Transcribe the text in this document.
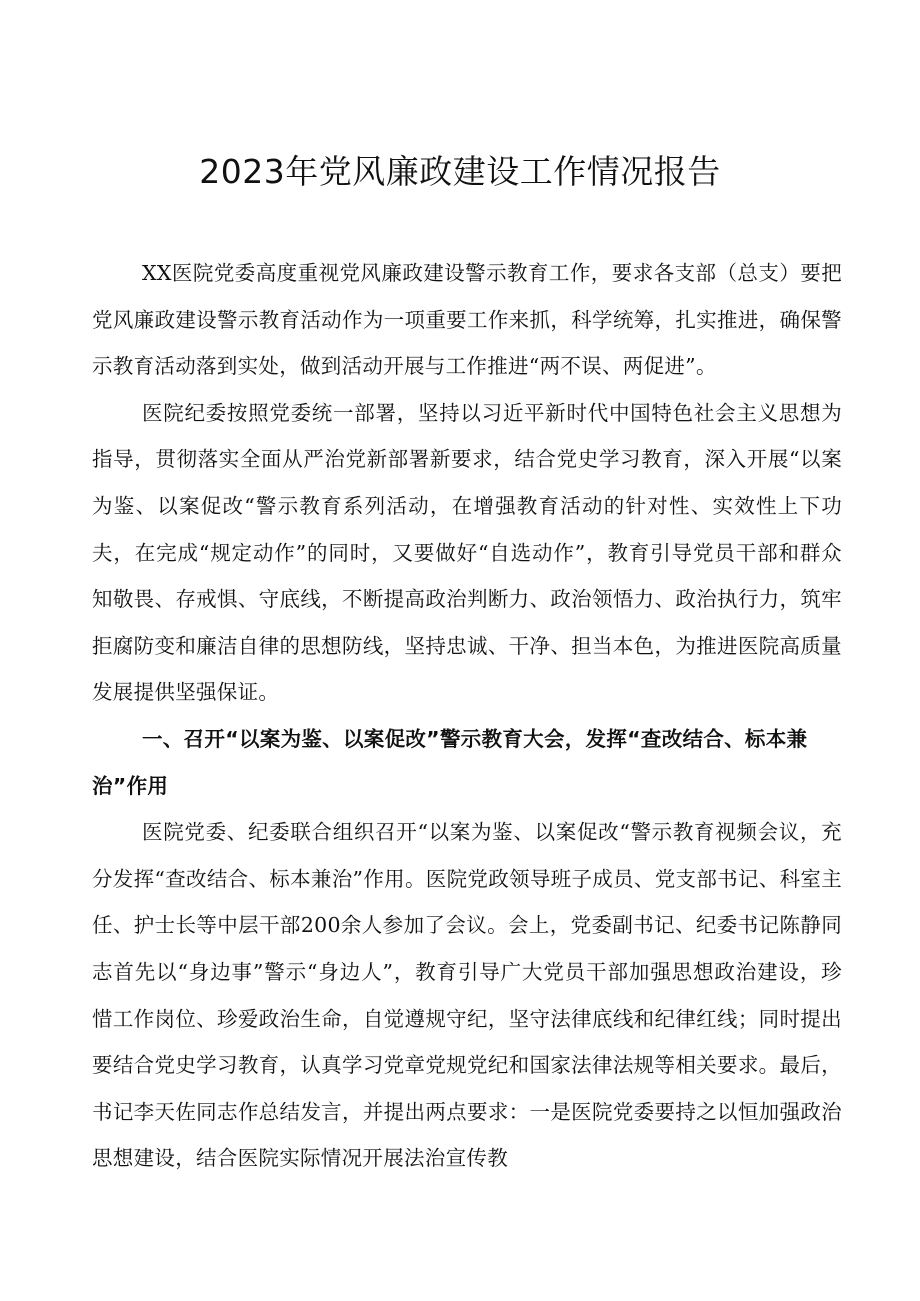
2023年党风廉政建设工作情况报告

XX医院党委高度重视党风廉政建设警示教育工作，要求各支部（总支）要把党风廉政建设警示教育活动作为一项重要工作来抓，科学统筹，扎实推进，确保警示教育活动落到实处，做到活动开展与工作推进“两不误、两促进”。

医院纪委按照党委统一部署，坚持以习近平新时代中国特色社会主义思想为指导，贯彻落实全面从严治党新部署新要求，结合党史学习教育，深入开展“以案为鉴、以案促改“警示教育系列活动，在增强教育活动的针对性、实效性上下功夫，在完成“规定动作”的同时，又要做好“自选动作”，教育引导党员干部和群众知敬畏、存戒惧、守底线，不断提高政治判断力、政治领悟力、政治执行力，筑牢拒腐防变和廉洁自律的思想防线，坚持忠诚、干净、担当本色，为推进医院高质量发展提供坚强保证。

一、召开“以案为鉴、以案促改”警示教育大会，发挥“查改结合、标本兼治”作用

医院党委、纪委联合组织召开“以案为鉴、以案促改“警示教育视频会议，充分发挥“查改结合、标本兼治”作用。医院党政领导班子成员、党支部书记、科室主任、护士长等中层干部200余人参加了会议。会上，党委副书记、纪委书记陈静同志首先以“身边事”警示“身边人”，教育引导广大党员干部加强思想政治建设，珍惜工作岗位、珍爱政治生命，自觉遵规守纪，坚守法律底线和纪律红线；同时提出要结合党史学习教育，认真学习党章党规党纪和国家法律法规等相关要求。最后，书记李天佐同志作总结发言，并提出两点要求：一是医院党委要持之以恒加强政治思想建设，结合医院实际情况开展法治宣传教
